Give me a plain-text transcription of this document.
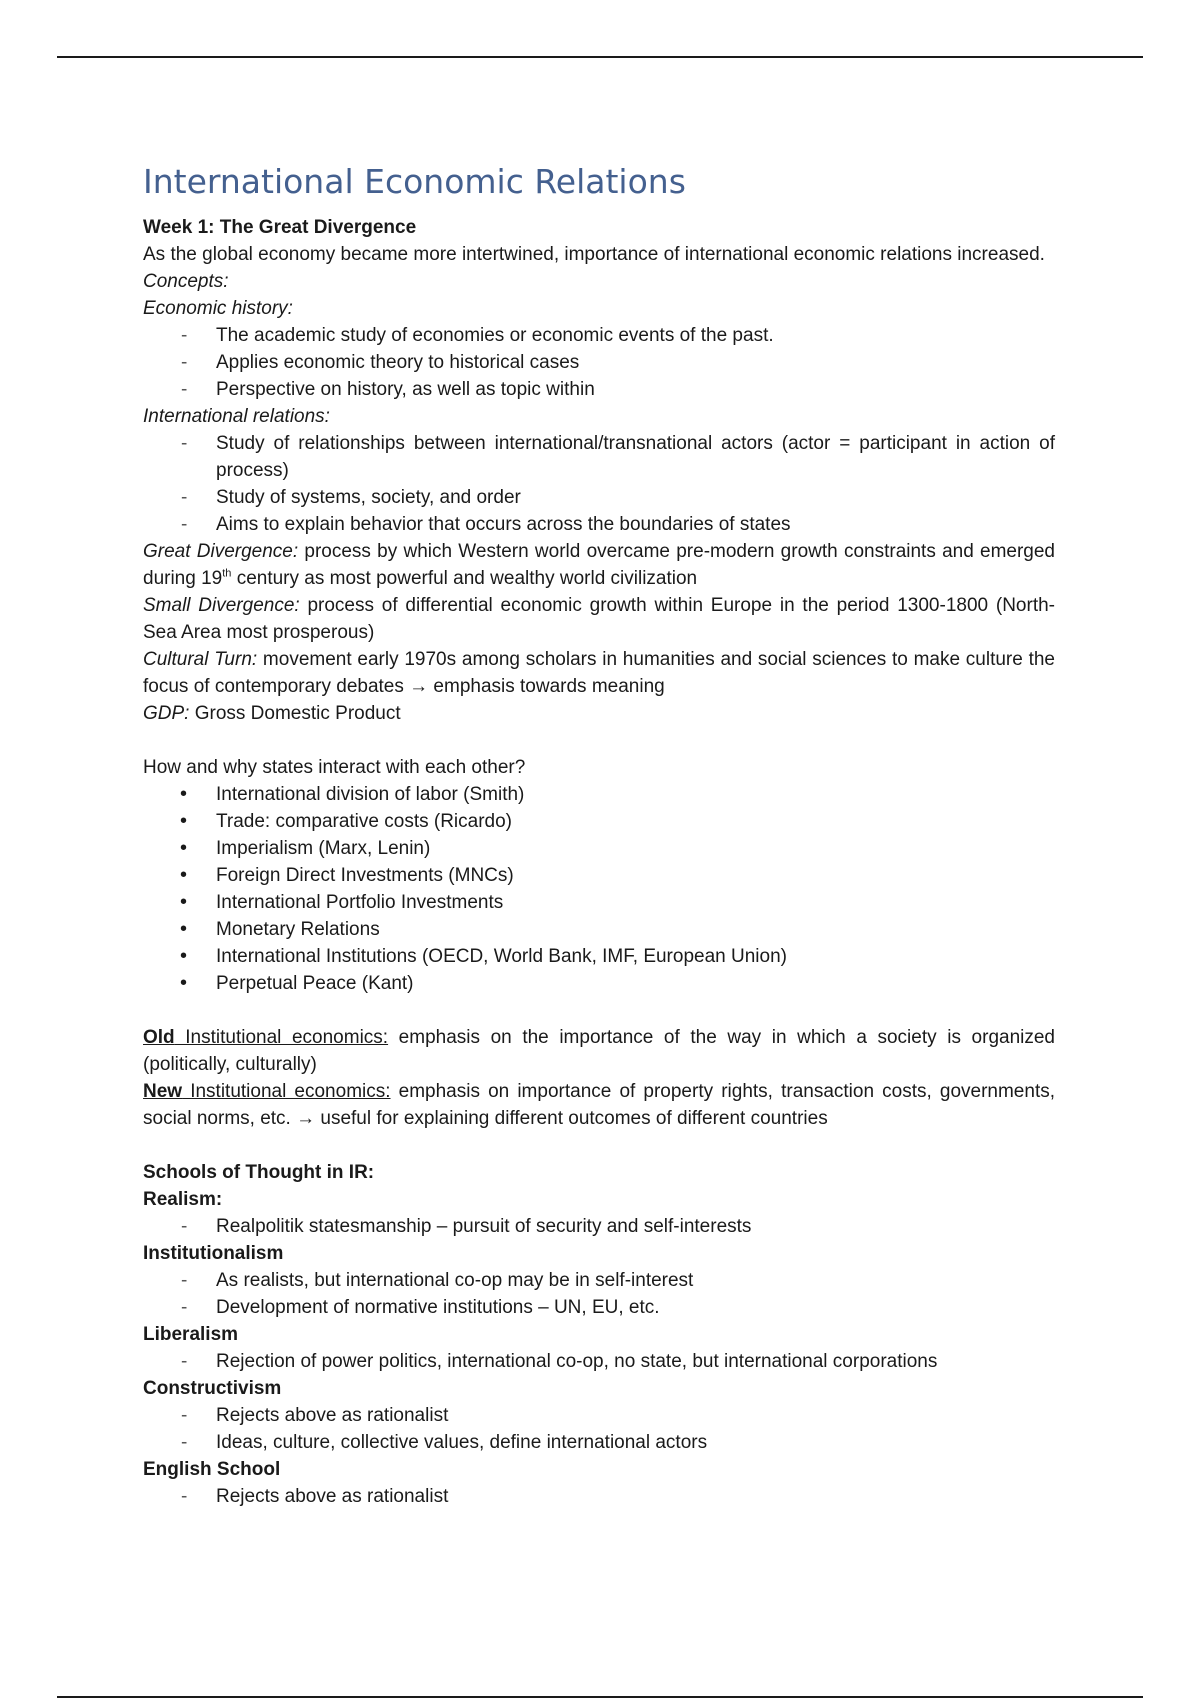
International Economic Relations

Week 1: The Great Divergence

As the global economy became more intertwined, importance of international economic relations increased.

Concepts:

Economic history:

- The academic study of economies or economic events of the past.
- Applies economic theory to historical cases
- Perspective on history, as well as topic within

International relations:

- Study of relationships between international/transnational actors (actor = participant in action of process)
- Study of systems, society, and order
- Aims to explain behavior that occurs across the boundaries of states

Great Divergence: process by which Western world overcame pre-modern growth constraints and emerged during 19th century as most powerful and wealthy world civilization

Small Divergence: process of differential economic growth within Europe in the period 1300-1800 (North-Sea Area most prosperous)

Cultural Turn: movement early 1970s among scholars in humanities and social sciences to make culture the focus of contemporary debates → emphasis towards meaning

GDP: Gross Domestic Product

How and why states interact with each other?

• International division of labor (Smith)
• Trade: comparative costs (Ricardo)
• Imperialism (Marx, Lenin)
• Foreign Direct Investments (MNCs)
• International Portfolio Investments
• Monetary Relations
• International Institutions (OECD, World Bank, IMF, European Union)
• Perpetual Peace (Kant)

Old Institutional economics: emphasis on the importance of the way in which a society is organized (politically, culturally)

New Institutional economics: emphasis on importance of property rights, transaction costs, governments, social norms, etc. → useful for explaining different outcomes of different countries

Schools of Thought in IR:

Realism:

- Realpolitik statesmanship – pursuit of security and self-interests

Institutionalism

- As realists, but international co-op may be in self-interest
- Development of normative institutions – UN, EU, etc.

Liberalism

- Rejection of power politics, international co-op, no state, but international corporations

Constructivism

- Rejects above as rationalist
- Ideas, culture, collective values, define international actors

English School

- Rejects above as rationalist
